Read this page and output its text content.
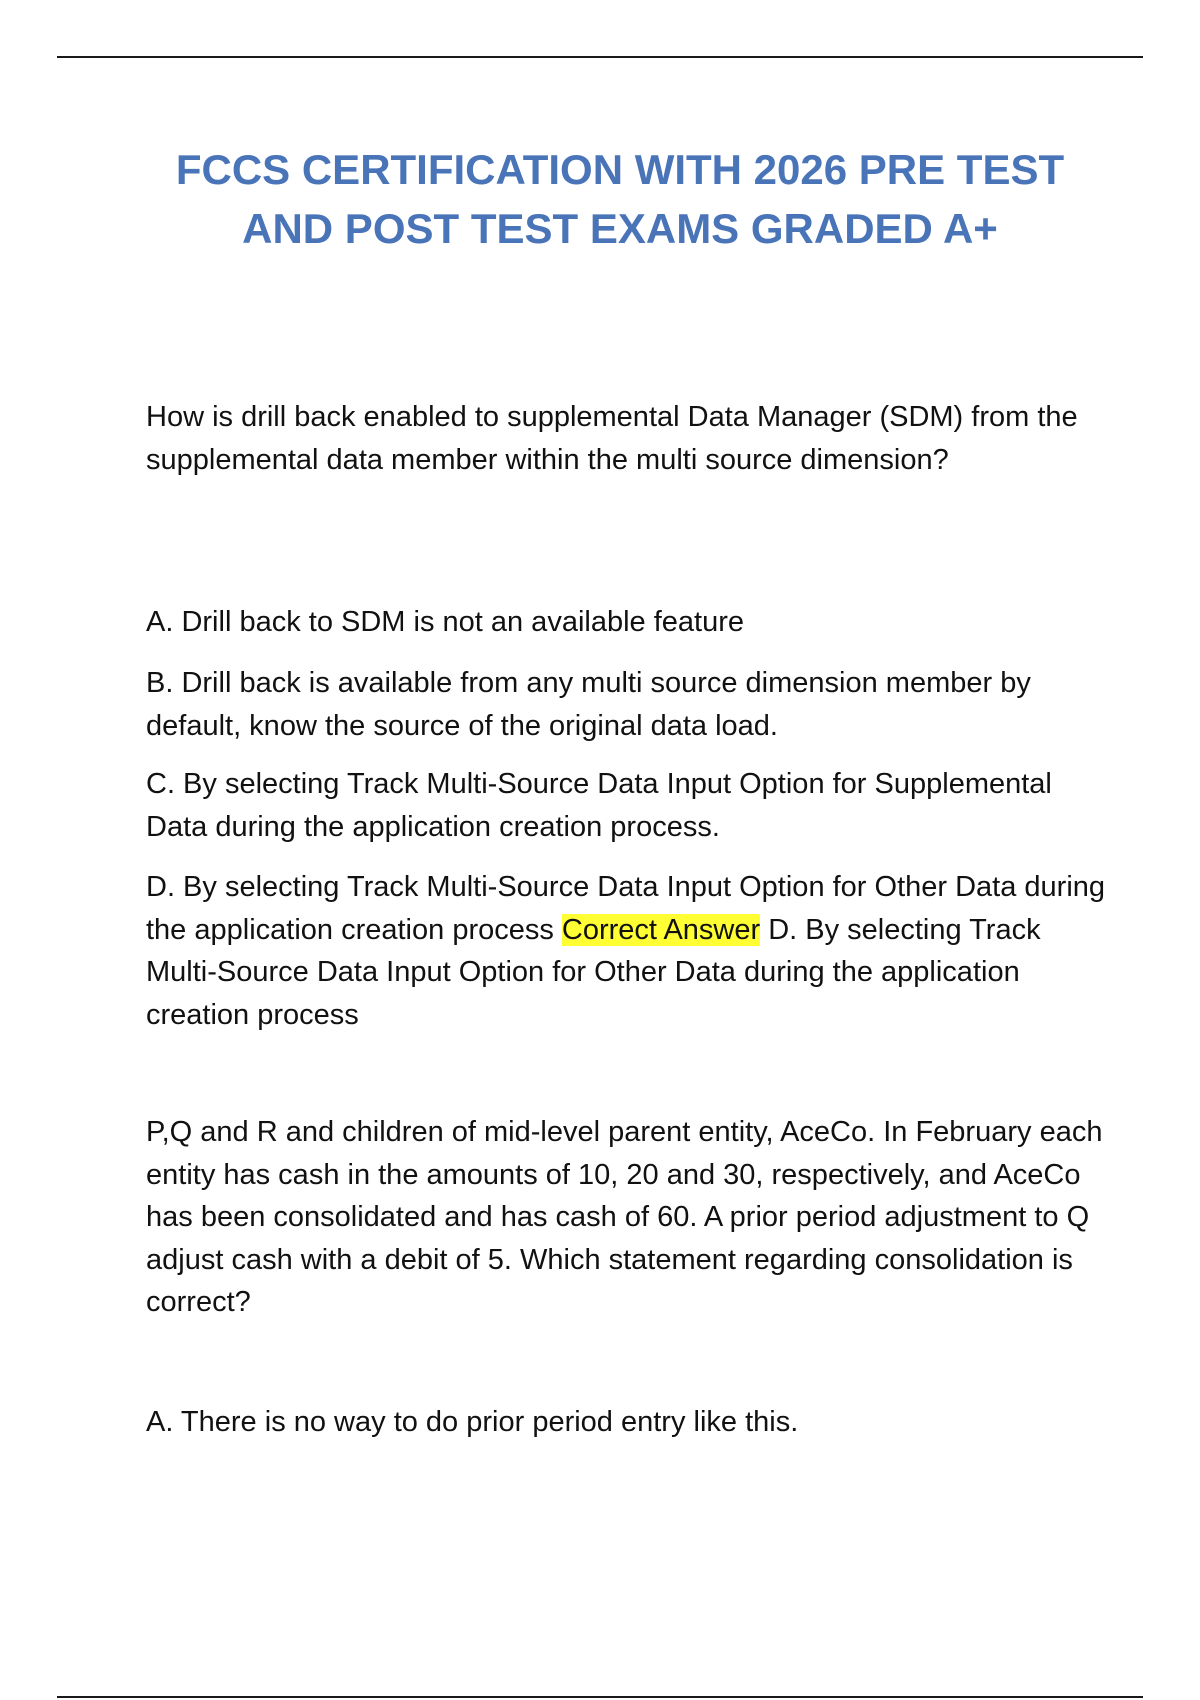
FCCS CERTIFICATION WITH 2026 PRE TEST
AND POST TEST EXAMS GRADED A+

How is drill back enabled to supplemental Data Manager (SDM) from the supplemental data member within the multi source dimension?

A. Drill back to SDM is not an available feature

B. Drill back is available from any multi source dimension member by default, know the source of the original data load.

C. By selecting Track Multi-Source Data Input Option for Supplemental Data during the application creation process.

D. By selecting Track Multi-Source Data Input Option for Other Data during the application creation process Correct Answer D. By selecting Track Multi-Source Data Input Option for Other Data during the application creation process

P,Q and R and children of mid-level parent entity, AceCo. In February each entity has cash in the amounts of 10, 20 and 30, respectively, and AceCo has been consolidated and has cash of 60. A prior period adjustment to Q adjust cash with a debit of 5. Which statement regarding consolidation is correct?

A. There is no way to do prior period entry like this.
